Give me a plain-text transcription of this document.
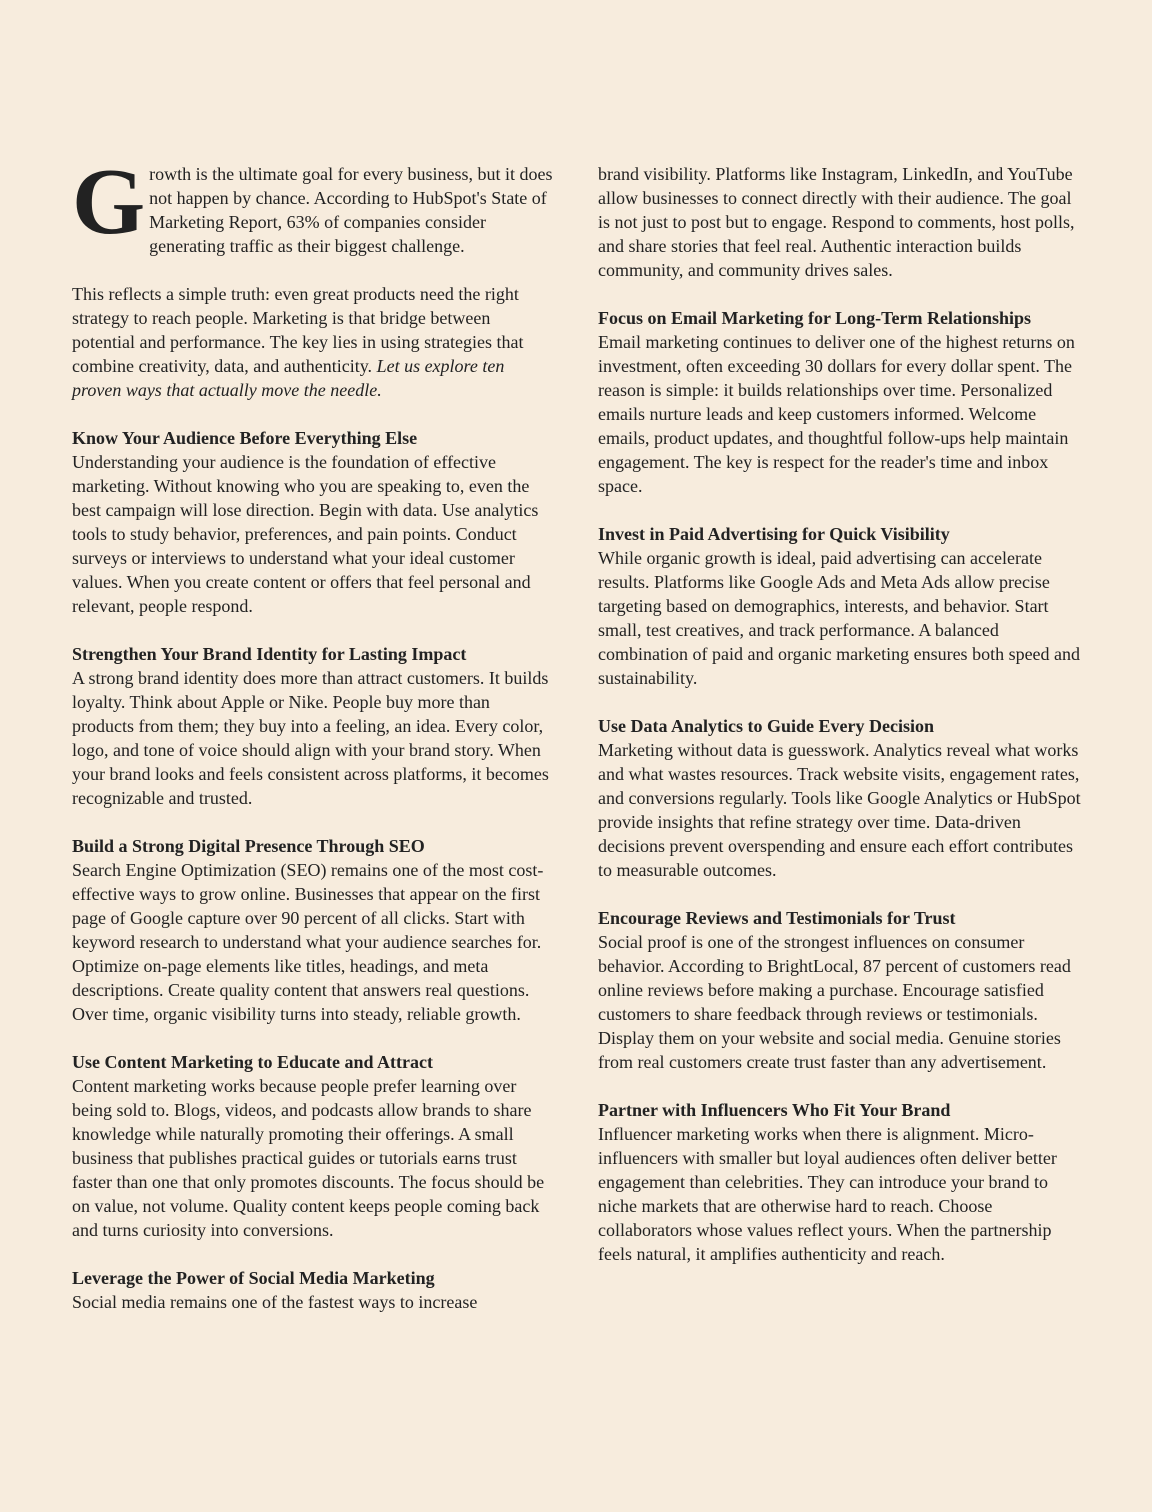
Growth is the ultimate goal for every business, but it does not happen by chance. According to HubSpot's State of Marketing Report, 63% of companies consider generating traffic as their biggest challenge.

This reflects a simple truth: even great products need the right strategy to reach people. Marketing is that bridge between potential and performance. The key lies in using strategies that combine creativity, data, and authenticity. Let us explore ten proven ways that actually move the needle.

Know Your Audience Before Everything Else

Understanding your audience is the foundation of effective marketing. Without knowing who you are speaking to, even the best campaign will lose direction. Begin with data. Use analytics tools to study behavior, preferences, and pain points. Conduct surveys or interviews to understand what your ideal customer values. When you create content or offers that feel personal and relevant, people respond.

Strengthen Your Brand Identity for Lasting Impact

A strong brand identity does more than attract customers. It builds loyalty. Think about Apple or Nike. People buy more than products from them; they buy into a feeling, an idea. Every color, logo, and tone of voice should align with your brand story. When your brand looks and feels consistent across platforms, it becomes recognizable and trusted.

Build a Strong Digital Presence Through SEO

Search Engine Optimization (SEO) remains one of the most cost-effective ways to grow online. Businesses that appear on the first page of Google capture over 90 percent of all clicks. Start with keyword research to understand what your audience searches for. Optimize on-page elements like titles, headings, and meta descriptions. Create quality content that answers real questions. Over time, organic visibility turns into steady, reliable growth.

Use Content Marketing to Educate and Attract

Content marketing works because people prefer learning over being sold to. Blogs, videos, and podcasts allow brands to share knowledge while naturally promoting their offerings. A small business that publishes practical guides or tutorials earns trust faster than one that only promotes discounts. The focus should be on value, not volume. Quality content keeps people coming back and turns curiosity into conversions.

Leverage the Power of Social Media Marketing

Social media remains one of the fastest ways to increase

brand visibility. Platforms like Instagram, LinkedIn, and YouTube allow businesses to connect directly with their audience. The goal is not just to post but to engage. Respond to comments, host polls, and share stories that feel real. Authentic interaction builds community, and community drives sales.

Focus on Email Marketing for Long-Term Relationships

Email marketing continues to deliver one of the highest returns on investment, often exceeding 30 dollars for every dollar spent. The reason is simple: it builds relationships over time. Personalized emails nurture leads and keep customers informed. Welcome emails, product updates, and thoughtful follow-ups help maintain engagement. The key is respect for the reader's time and inbox space.

Invest in Paid Advertising for Quick Visibility

While organic growth is ideal, paid advertising can accelerate results. Platforms like Google Ads and Meta Ads allow precise targeting based on demographics, interests, and behavior. Start small, test creatives, and track performance. A balanced combination of paid and organic marketing ensures both speed and sustainability.

Use Data Analytics to Guide Every Decision

Marketing without data is guesswork. Analytics reveal what works and what wastes resources. Track website visits, engagement rates, and conversions regularly. Tools like Google Analytics or HubSpot provide insights that refine strategy over time. Data-driven decisions prevent overspending and ensure each effort contributes to measurable outcomes.

Encourage Reviews and Testimonials for Trust

Social proof is one of the strongest influences on consumer behavior. According to BrightLocal, 87 percent of customers read online reviews before making a purchase. Encourage satisfied customers to share feedback through reviews or testimonials. Display them on your website and social media. Genuine stories from real customers create trust faster than any advertisement.

Partner with Influencers Who Fit Your Brand

Influencer marketing works when there is alignment. Micro-influencers with smaller but loyal audiences often deliver better engagement than celebrities. They can introduce your brand to niche markets that are otherwise hard to reach. Choose collaborators whose values reflect yours. When the partnership feels natural, it amplifies authenticity and reach.
